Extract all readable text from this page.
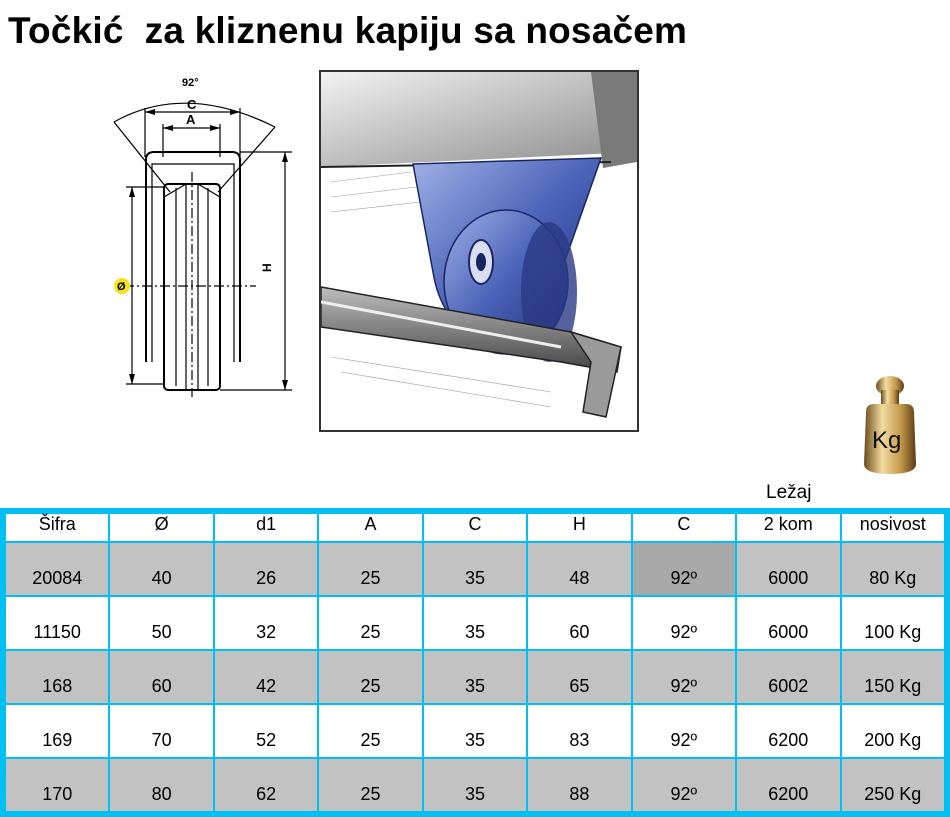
Točkić  za kliznenu kapiju sa nosačem
92°
C
A
H
Ø
Kg
Ležaj
Šifra	Ø	d1	A	C	H	C	2 kom	nosivost
20084	40	26	25	35	48	92º	6000	80 Kg
11150	50	32	25	35	60	92º	6000	100 Kg
168	60	42	25	35	65	92º	6002	150 Kg
169	70	52	25	35	83	92º	6200	200 Kg
170	80	62	25	35	88	92º	6200	250 Kg
